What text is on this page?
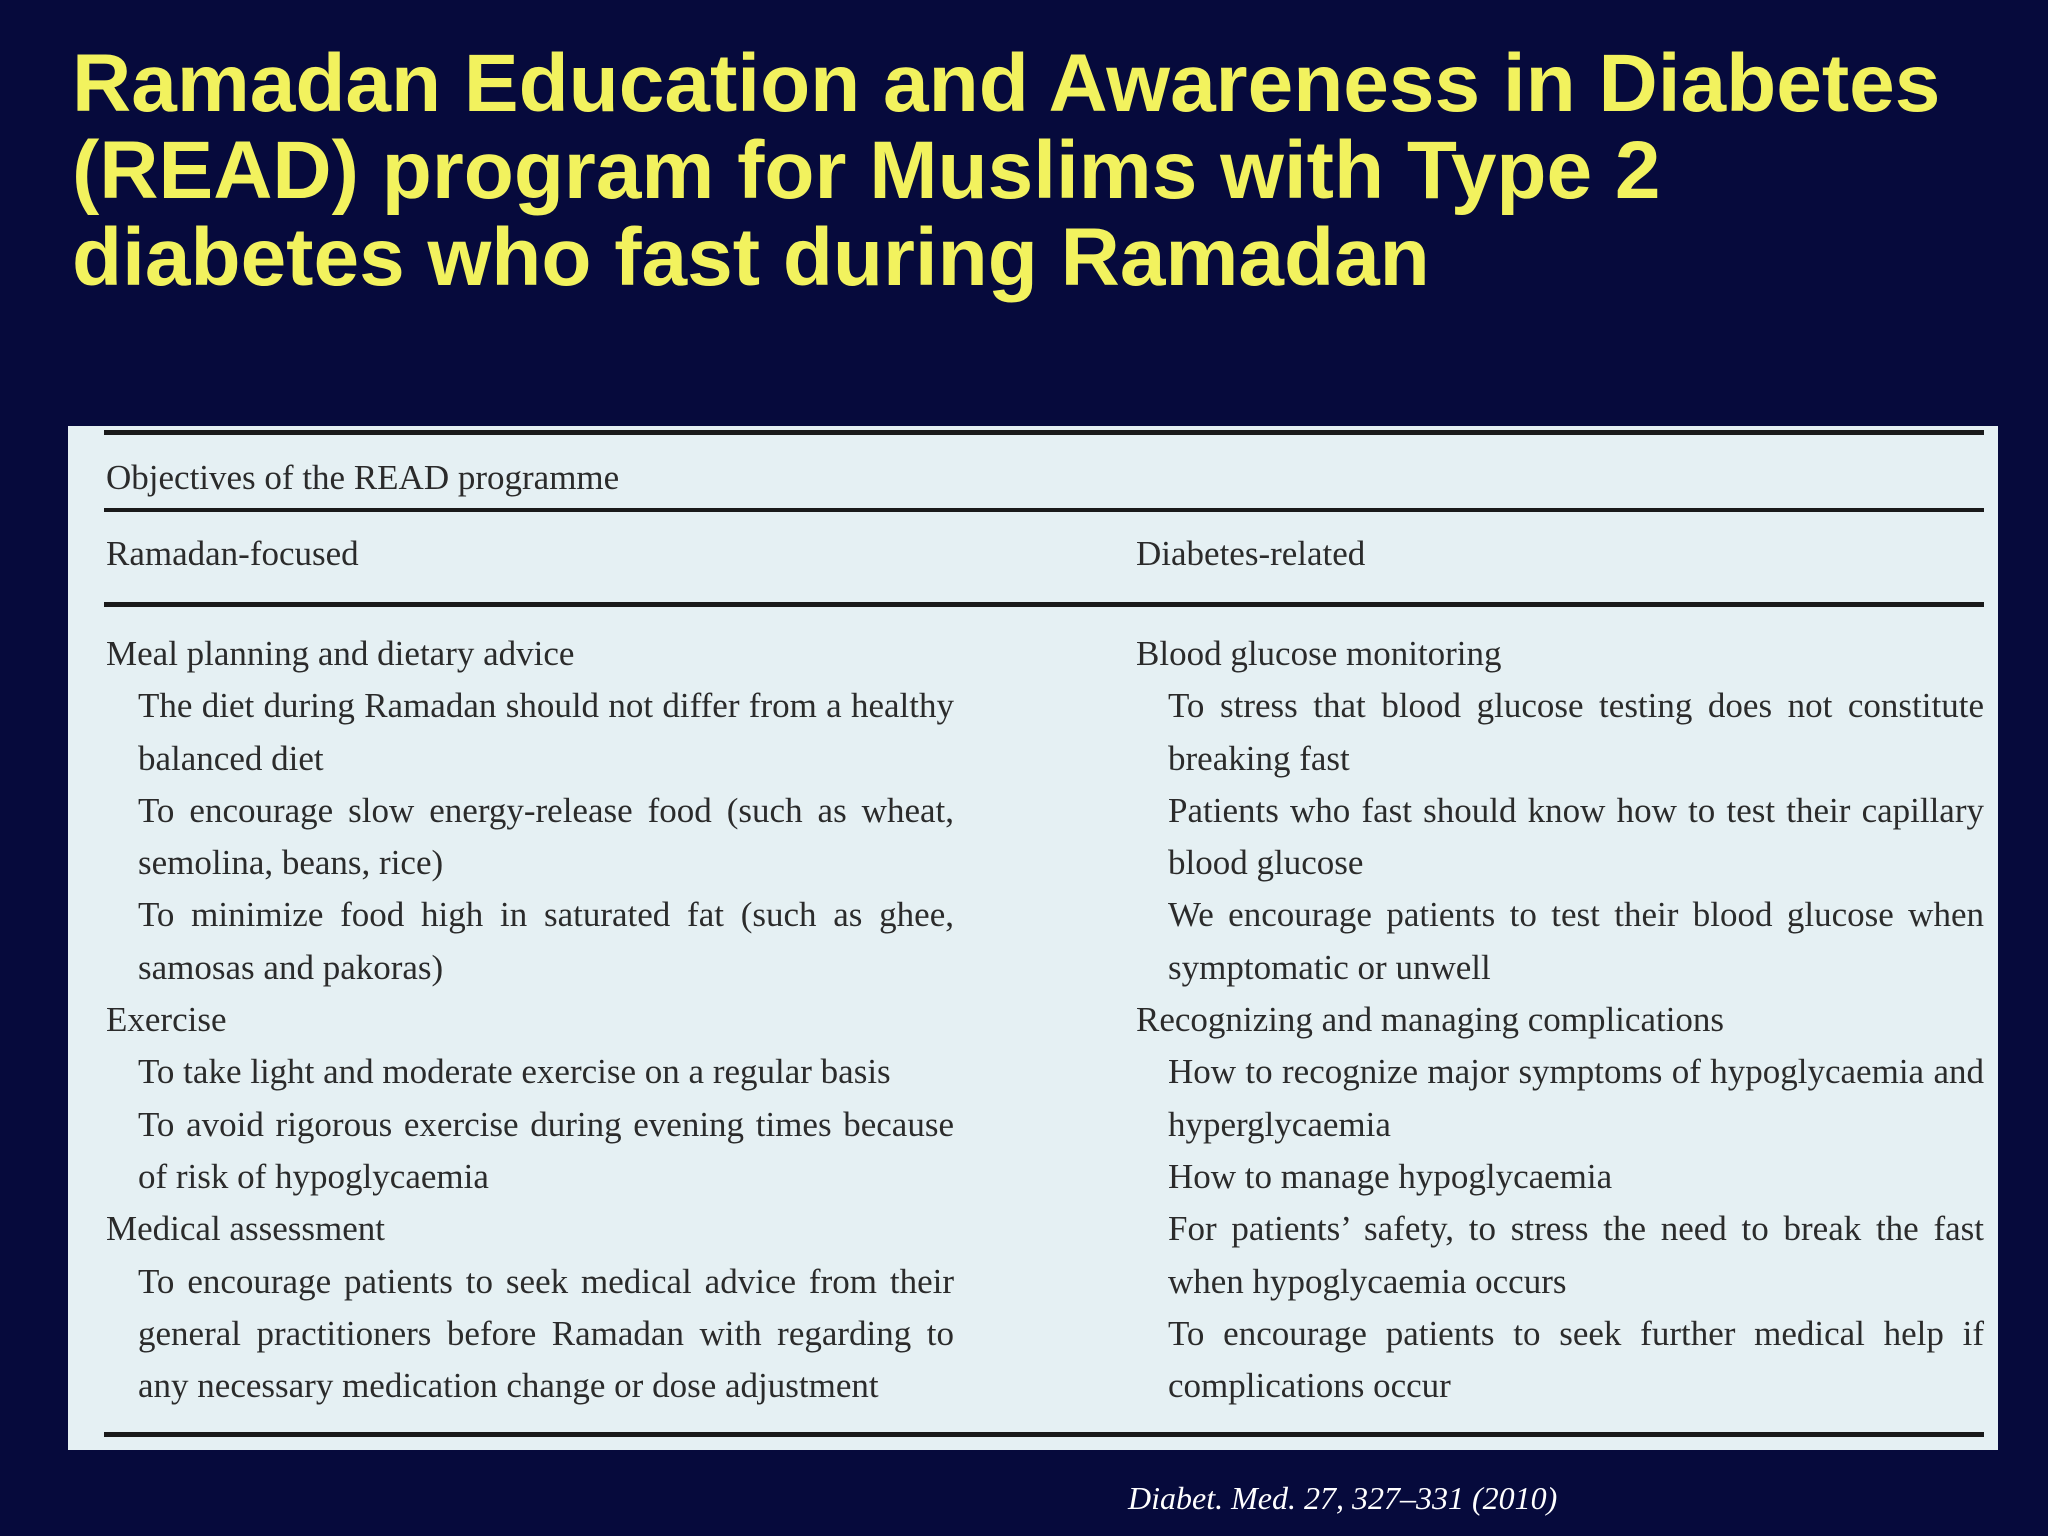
Ramadan Education and Awareness in Diabetes (READ) program for Muslims with Type 2 diabetes who fast during Ramadan
Objectives of the READ programme
Ramadan-focused	Diabetes-related

Meal planning and dietary advice

The diet during Ramadan should not differ from a healthy balanced diet

To encourage slow energy-release food (such as wheat, semolina, beans, rice)

To minimize food high in saturated fat (such as ghee, samosas and pakoras)

Exercise

To take light and moderate exercise on a regular basis

To avoid rigorous exercise during evening times because of risk of hypoglycaemia

Medical assessment

To encourage patients to seek medical advice from their general practitioners before Ramadan with regarding to any necessary medication change or dose adjustment

Blood glucose monitoring

To stress that blood glucose testing does not constitute breaking fast

Patients who fast should know how to test their capillary blood glucose

We encourage patients to test their blood glucose when symptomatic or unwell

Recognizing and managing complications

How to recognize major symptoms of hypoglycaemia and hyperglycaemia

How to manage hypoglycaemia

For patients’ safety, to stress the need to break the fast when hypoglycaemia occurs

To encourage patients to seek further medical help if complications occur

Diabet. Med. 27, 327–331 (2010)
